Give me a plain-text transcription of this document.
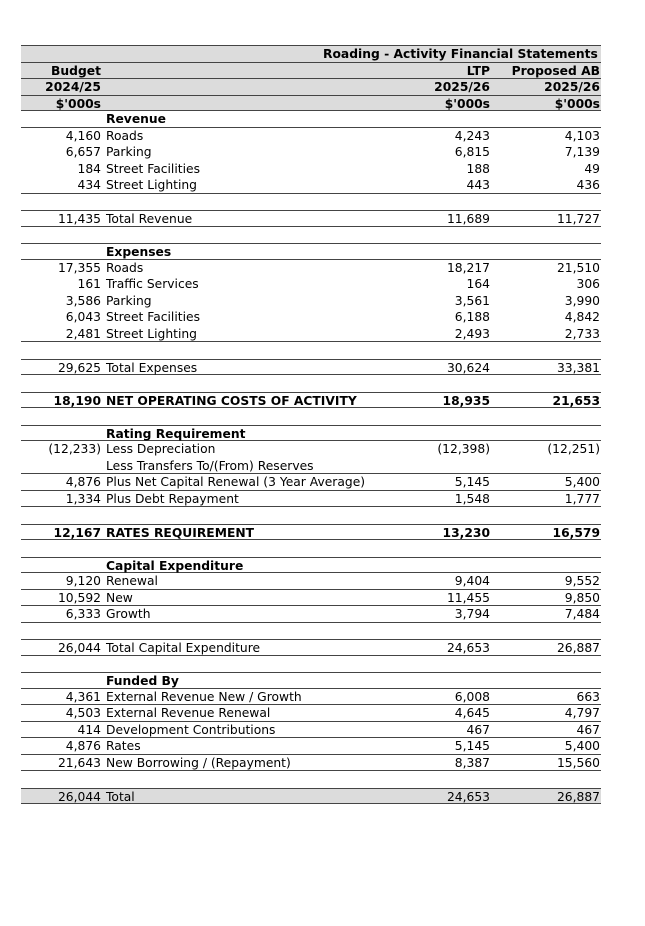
Roading - Activity Financial Statements
Budget	LTP	Proposed AB
2024/25	2025/26	2025/26
$'000s	$'000s	$'000s
Revenue
4,160 Roads	4,243	4,103
6,657 Parking	6,815	7,139
184 Street Facilities	188	49
434 Street Lighting	443	436
11,435 Total Revenue	11,689	11,727
Expenses
17,355 Roads	18,217	21,510
161 Traffic Services	164	306
3,586 Parking	3,561	3,990
6,043 Street Facilities	6,188	4,842
2,481 Street Lighting	2,493	2,733
29,625 Total Expenses	30,624	33,381
18,190 NET OPERATING COSTS OF ACTIVITY	18,935	21,653
Rating Requirement
(12,233) Less Depreciation	(12,398)	(12,251)
Less Transfers To/(From) Reserves
4,876 Plus Net Capital Renewal (3 Year Average)	5,145	5,400
1,334 Plus Debt Repayment	1,548	1,777
12,167 RATES REQUIREMENT	13,230	16,579
Capital Expenditure
9,120 Renewal	9,404	9,552
10,592 New	11,455	9,850
6,333 Growth	3,794	7,484
26,044 Total Capital Expenditure	24,653	26,887
Funded By
4,361 External Revenue New / Growth	6,008	663
4,503 External Revenue Renewal	4,645	4,797
414 Development Contributions	467	467
4,876 Rates	5,145	5,400
21,643 New Borrowing / (Repayment)	8,387	15,560
26,044 Total	24,653	26,887
